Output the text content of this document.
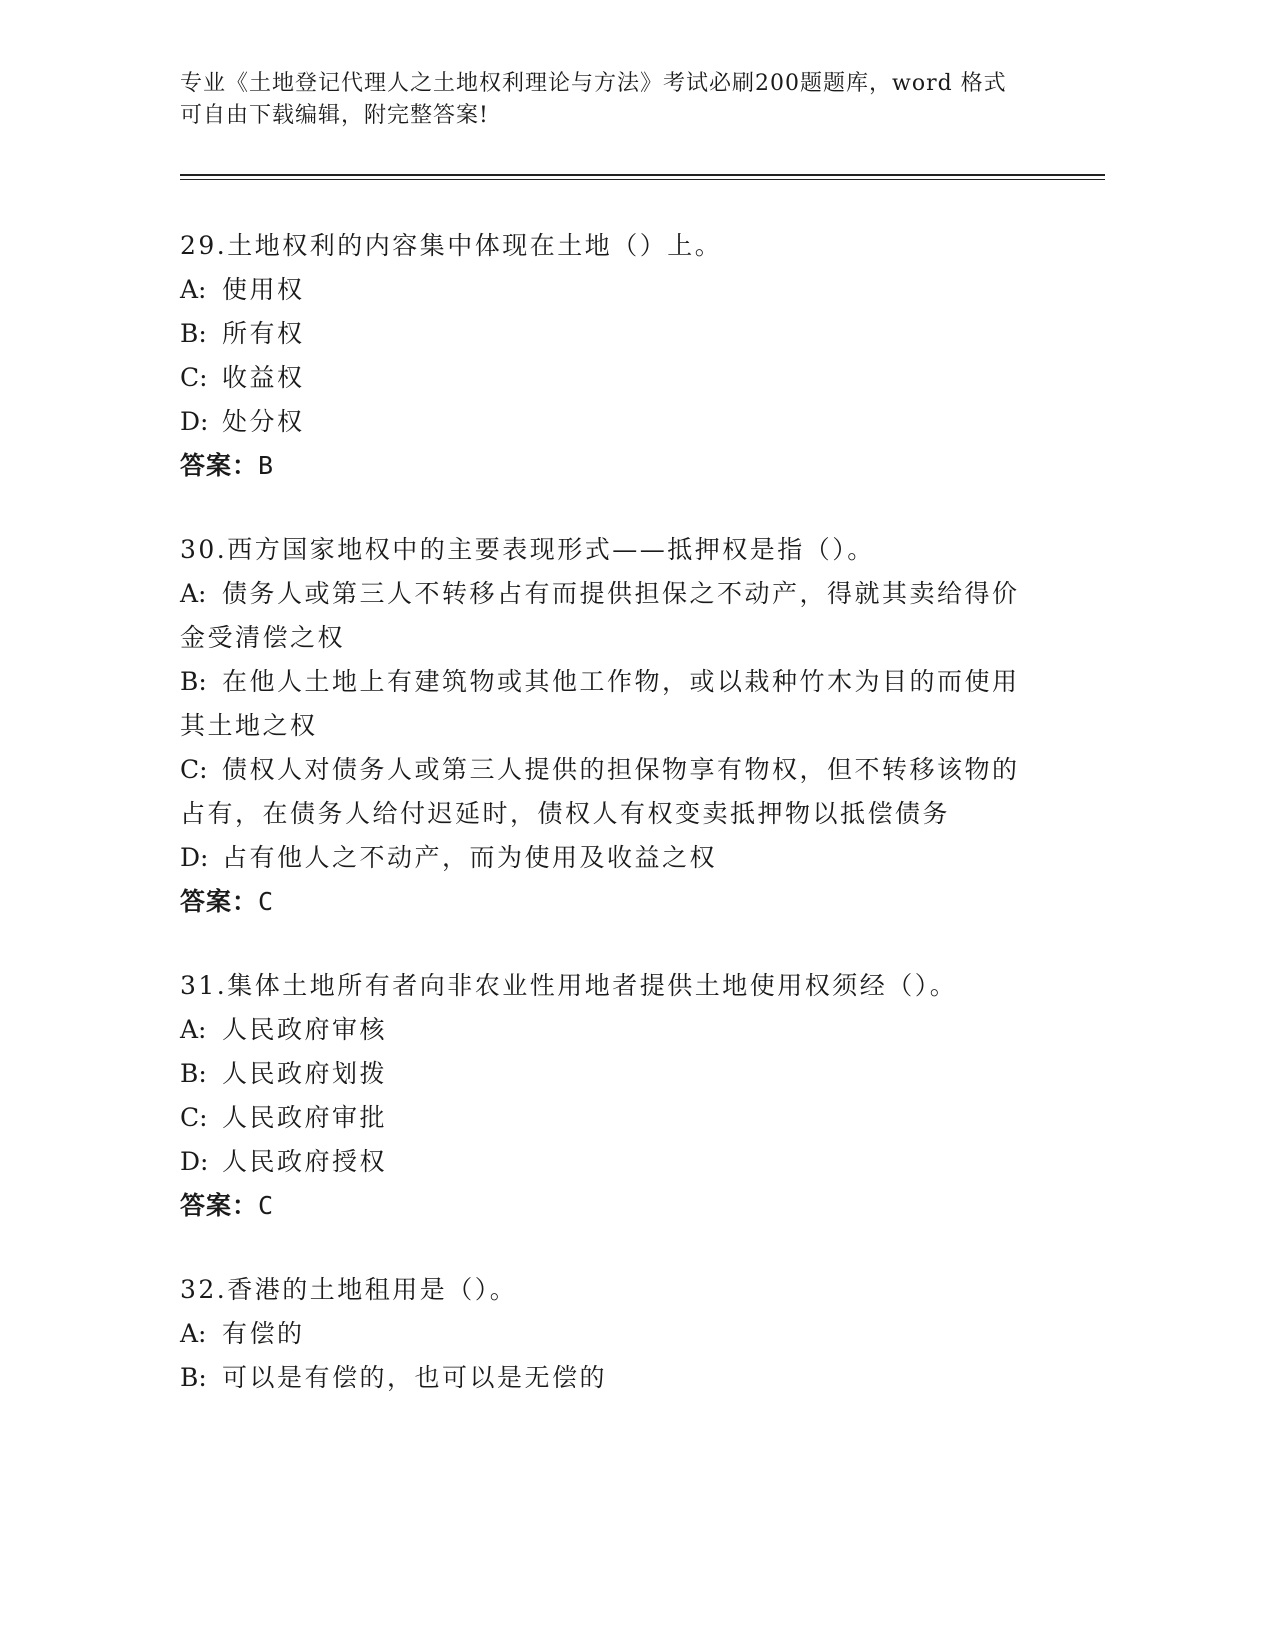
专业《土地登记代理人之土地权利理论与方法》考试必刷200题题库，word 格式
可自由下载编辑，附完整答案!

29.土地权利的内容集中体现在土地（）上。

A: 使用权

B: 所有权

C: 收益权

D: 处分权

答案：B

30.西方国家地权中的主要表现形式——抵押权是指（）。

A: 债务人或第三人不转移占有而提供担保之不动产，得就其卖给得价

金受清偿之权

B: 在他人土地上有建筑物或其他工作物，或以栽种竹木为目的而使用

其土地之权

C: 债权人对债务人或第三人提供的担保物享有物权，但不转移该物的

占有，在债务人给付迟延时，债权人有权变卖抵押物以抵偿债务

D: 占有他人之不动产，而为使用及收益之权

答案：C

31.集体土地所有者向非农业性用地者提供土地使用权须经（）。

A: 人民政府审核

B: 人民政府划拨

C: 人民政府审批

D: 人民政府授权

答案：C

32.香港的土地租用是（）。

A: 有偿的

B: 可以是有偿的，也可以是无偿的
